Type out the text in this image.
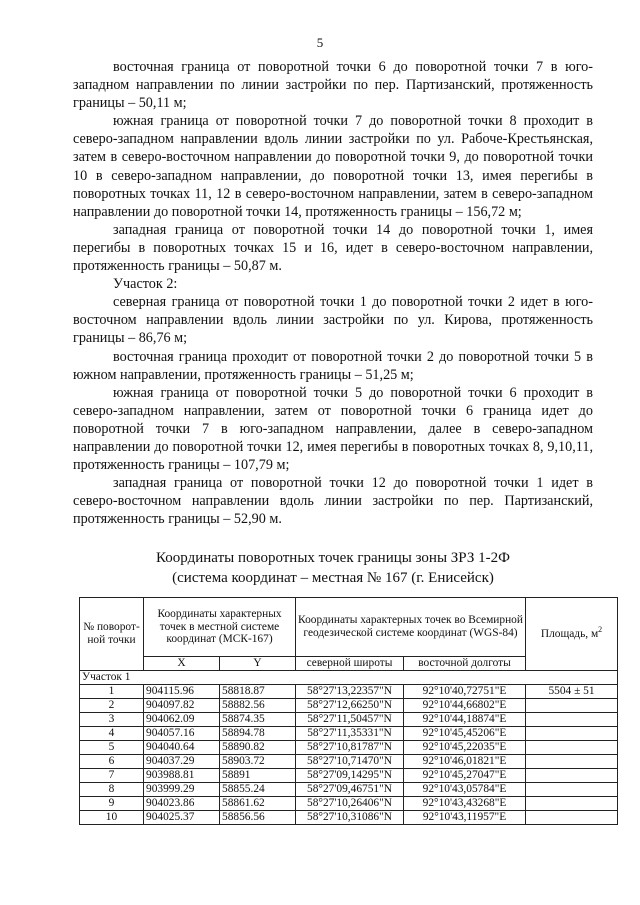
5

восточная граница от поворотной точки 6 до поворотной точки 7 в юго-западном направлении по линии застройки по пер. Партизанский, протяженность границы – 50,11 м;

южная граница от поворотной точки 7 до поворотной точки 8 проходит в северо-западном направлении вдоль линии застройки по ул. Рабоче-Крестьянская, затем в северо-восточном направлении до поворотной точки 9, до поворотной точки 10 в северо-западном направлении, до поворотной точки 13, имея перегибы в поворотных точках 11, 12 в северо-восточном направлении, затем в северо-западном направлении до поворотной точки 14, протяженность границы – 156,72 м;

западная граница от поворотной точки 14 до поворотной точки 1, имея перегибы в поворотных точках 15 и 16, идет в северо-восточном направлении, протяженность границы – 50,87 м.

Участок 2:

северная граница от поворотной точки 1 до поворотной точки 2 идет в юго-восточном направлении вдоль линии застройки по ул. Кирова, протяженность границы – 86,76 м;

восточная граница проходит от поворотной точки 2 до поворотной точки 5 в южном направлении, протяженность границы – 51,25 м;

южная граница от поворотной точки 5 до поворотной точки 6 проходит в северо-западном направлении, затем от поворотной точки 6 граница идет до поворотной точки 7 в юго-западном направлении, далее в северо-западном направлении до поворотной точки 12, имея перегибы в поворотных точках 8, 9,10,11, протяженность границы – 107,79 м;

западная граница от поворотной точки 12 до поворотной точки 1 идет в северо-восточном направлении вдоль линии застройки по пер. Партизанский, протяженность границы – 52,90 м.

Координаты поворотных точек границы зоны ЗРЗ 1-2Ф
(система координат – местная № 167 (г. Енисейск)
№ поворот-ной точки	Координаты характерных точек в местной системе координат (МСК-167)		Координаты характерных точек во Всемирной геодезической системе координат (WGS-84)		Площадь, $м^2$
	X	Y	северной широты	восточной долготы	
Участок 1					
1	904115.96	58818.87	58°27'13,22357"N	92°10'40,72751"E	5504 ± 51
2	904097.82	58882.56	58°27'12,66250"N	92°10'44,66802"E	
3	904062.09	58874.35	58°27'11,50457"N	92°10'44,18874"E	
4	904057.16	58894.78	58°27'11,35331"N	92°10'45,45206"E	
5	904040.64	58890.82	58°27'10,81787"N	92°10'45,22035"E	
6	904037.29	58903.72	58°27'10,71470"N	92°10'46,01821"E	
7	903988.81	58891	58°27'09,14295"N	92°10'45,27047"E	
8	903999.29	58855.24	58°27'09,46751"N	92°10'43,05784"E	
9	904023.86	58861.62	58°27'10,26406"N	92°10'43,43268"E	
10	904025.37	58856.56	58°27'10,31086"N	92°10'43,11957"E	
